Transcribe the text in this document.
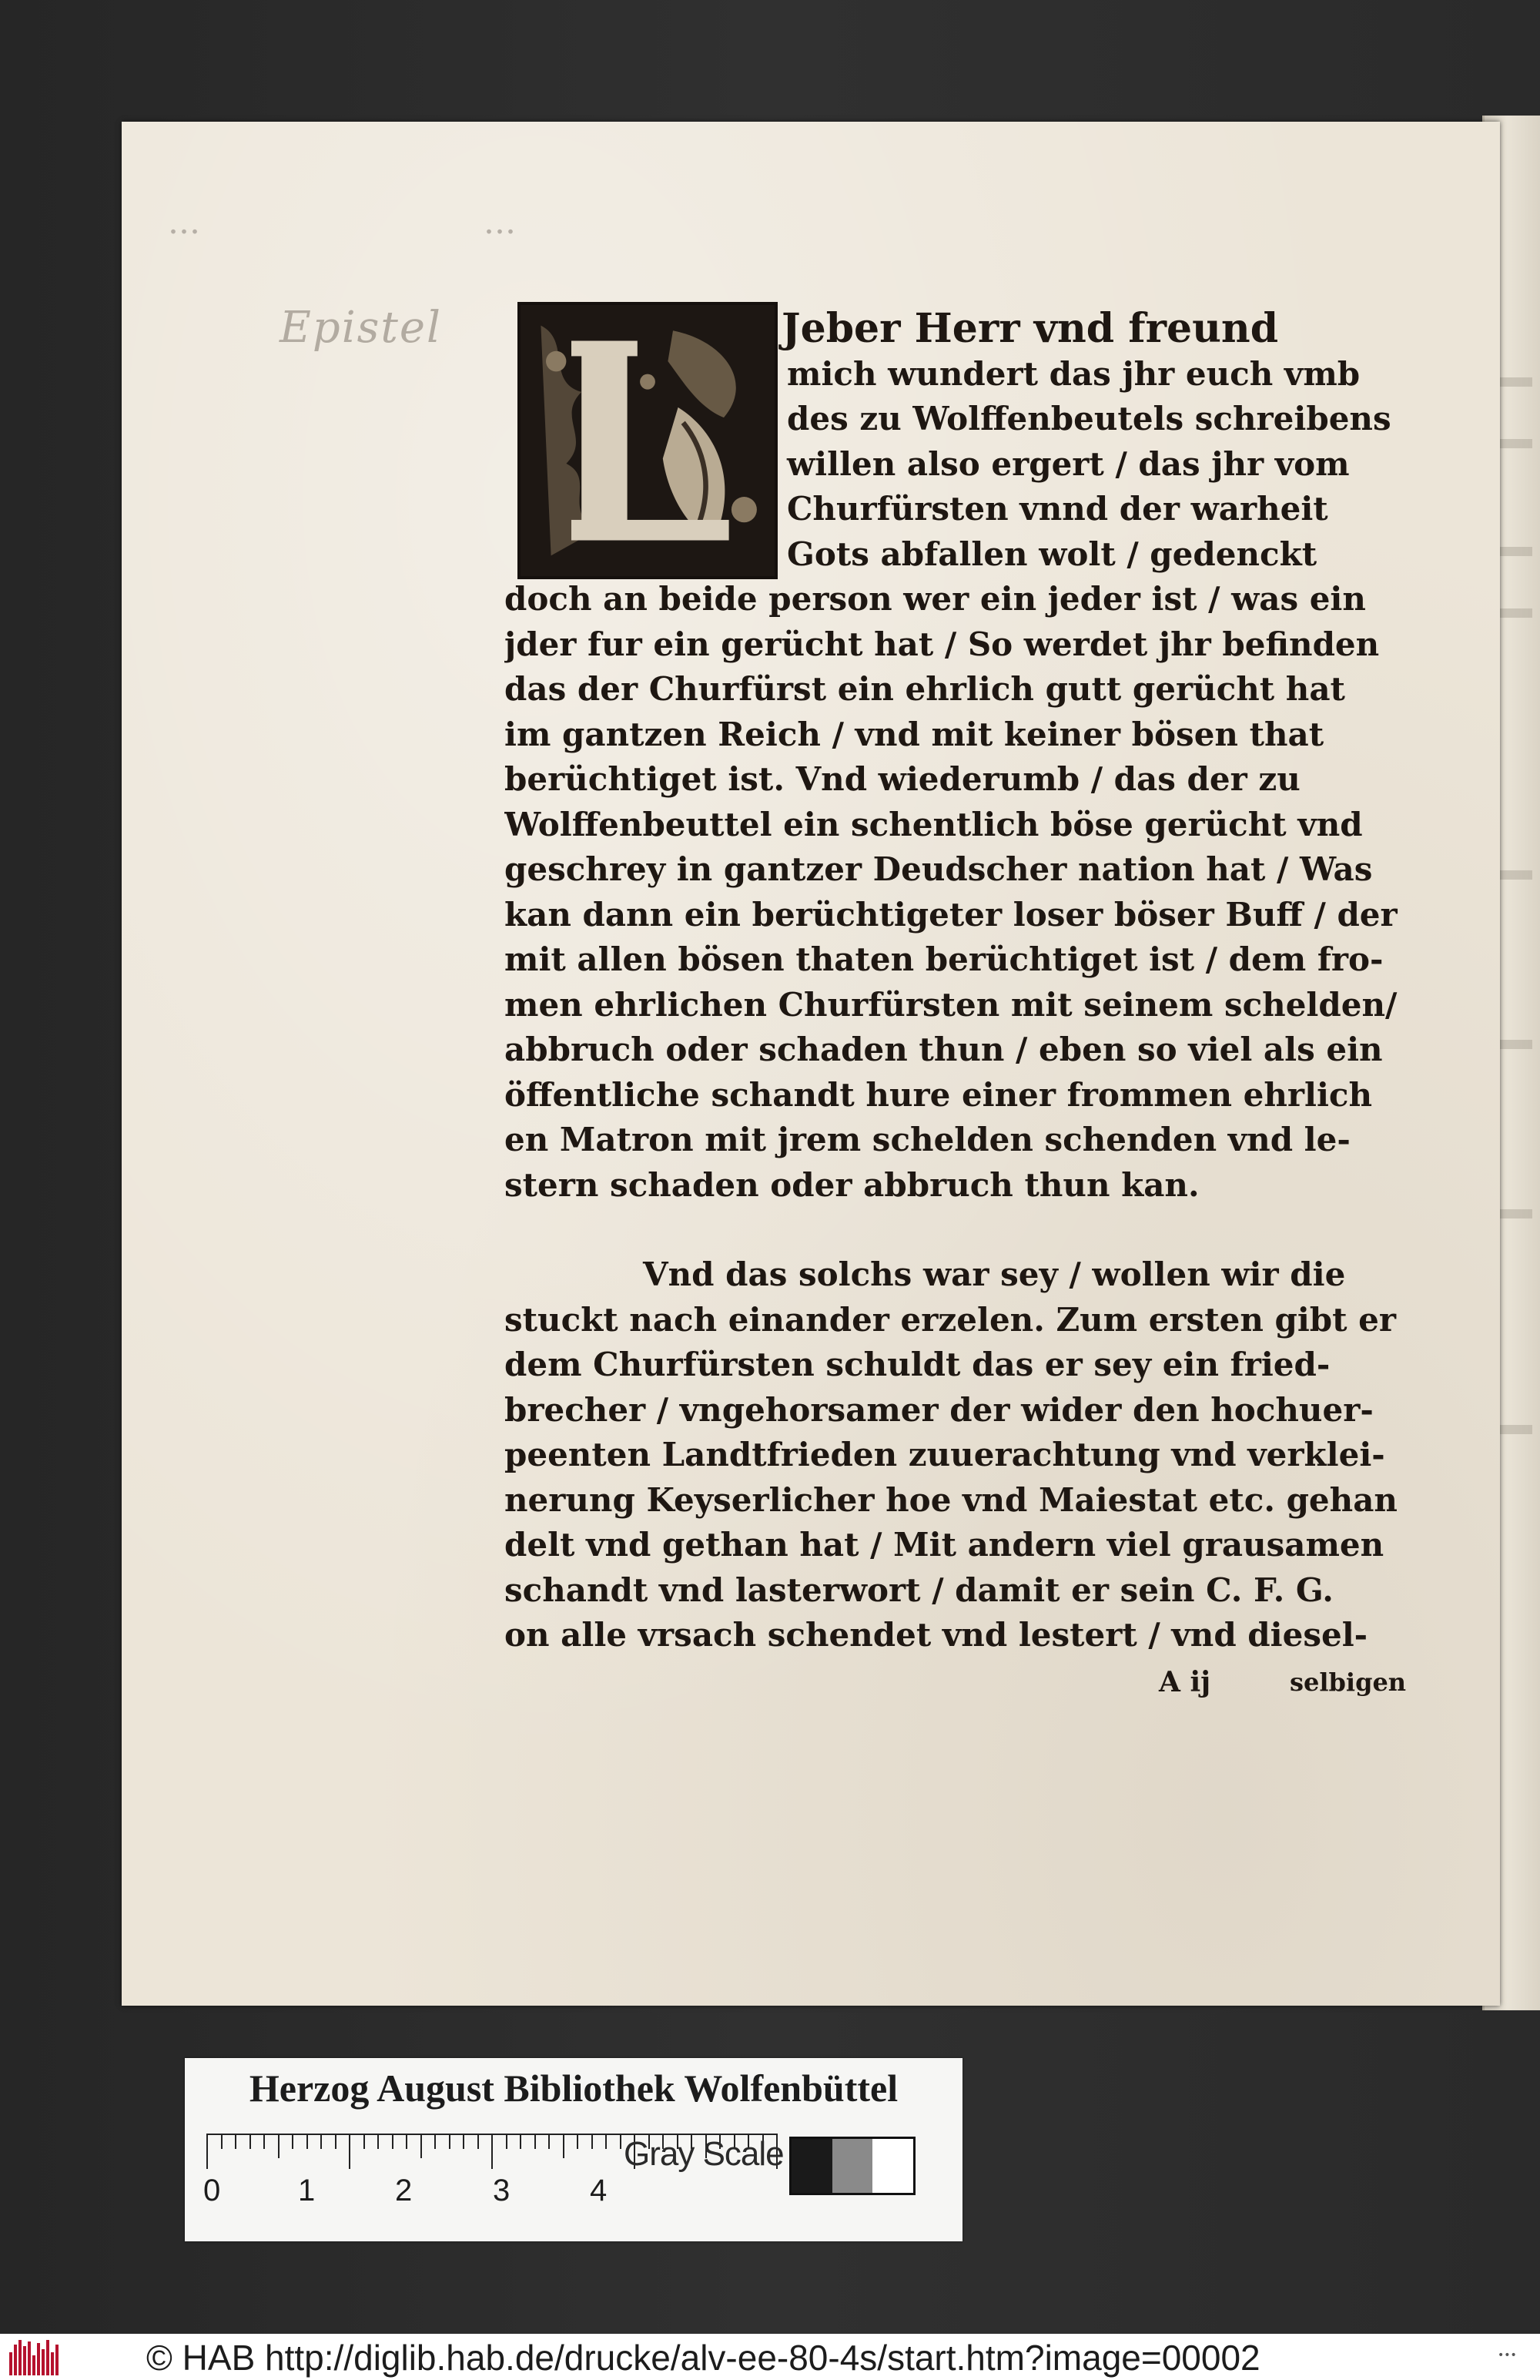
...
Epistel
...
Jeber Herr vnd freund
mich wundert das jhr euch vmb
des zu Wolffenbeutels schreibens
willen also ergert / das jhr vom
Churfürsten vnnd der warheit
Gots abfallen wolt / gedenckt
doch an beide person wer ein jeder ist / was ein
jder fur ein gerücht hat / So werdet jhr befinden
das der Churfürst ein ehrlich gutt gerücht hat
im gantzen Reich / vnd mit keiner bösen that
berüchtiget ist. Vnd wiederumb / das der zu
Wolffenbeuttel ein schentlich böse gerücht vnd
geschrey in gantzer Deudscher nation hat / Was
kan dann ein berüchtigeter loser böser Buff / der
mit allen bösen thaten berüchtiget ist / dem fro-
men ehrlichen Churfürsten mit seinem schelden/
abbruch oder schaden thun / eben so viel als ein
öffentliche schandt hure einer frommen ehrlich
en Matron mit jrem schelden schenden vnd le-
stern schaden oder abbruch thun kan.
Vnd das solchs war sey / wollen wir die
stuckt nach einander erzelen. Zum ersten gibt er
dem Churfürsten schuldt das er sey ein fried-
brecher / vngehorsamer der wider den hochuer-
peenten Landtfrieden zuuerachtung vnd verklei-
nerung Keyserlicher hoe vnd Maiestat etc. gehan
delt vnd gethan hat / Mit andern viel grausamen
schandt vnd lasterwort / damit er sein C. F. G.
on alle vrsach schendet vnd lestert / vnd diesel-
A ij	selbigen
Herzog August Bibliothek Wolfenbüttel
0	1	2	3	4
Gray Scale
© HAB http://diglib.hab.de/drucke/alv-ee-80-4s/start.htm?image=00002	•••
